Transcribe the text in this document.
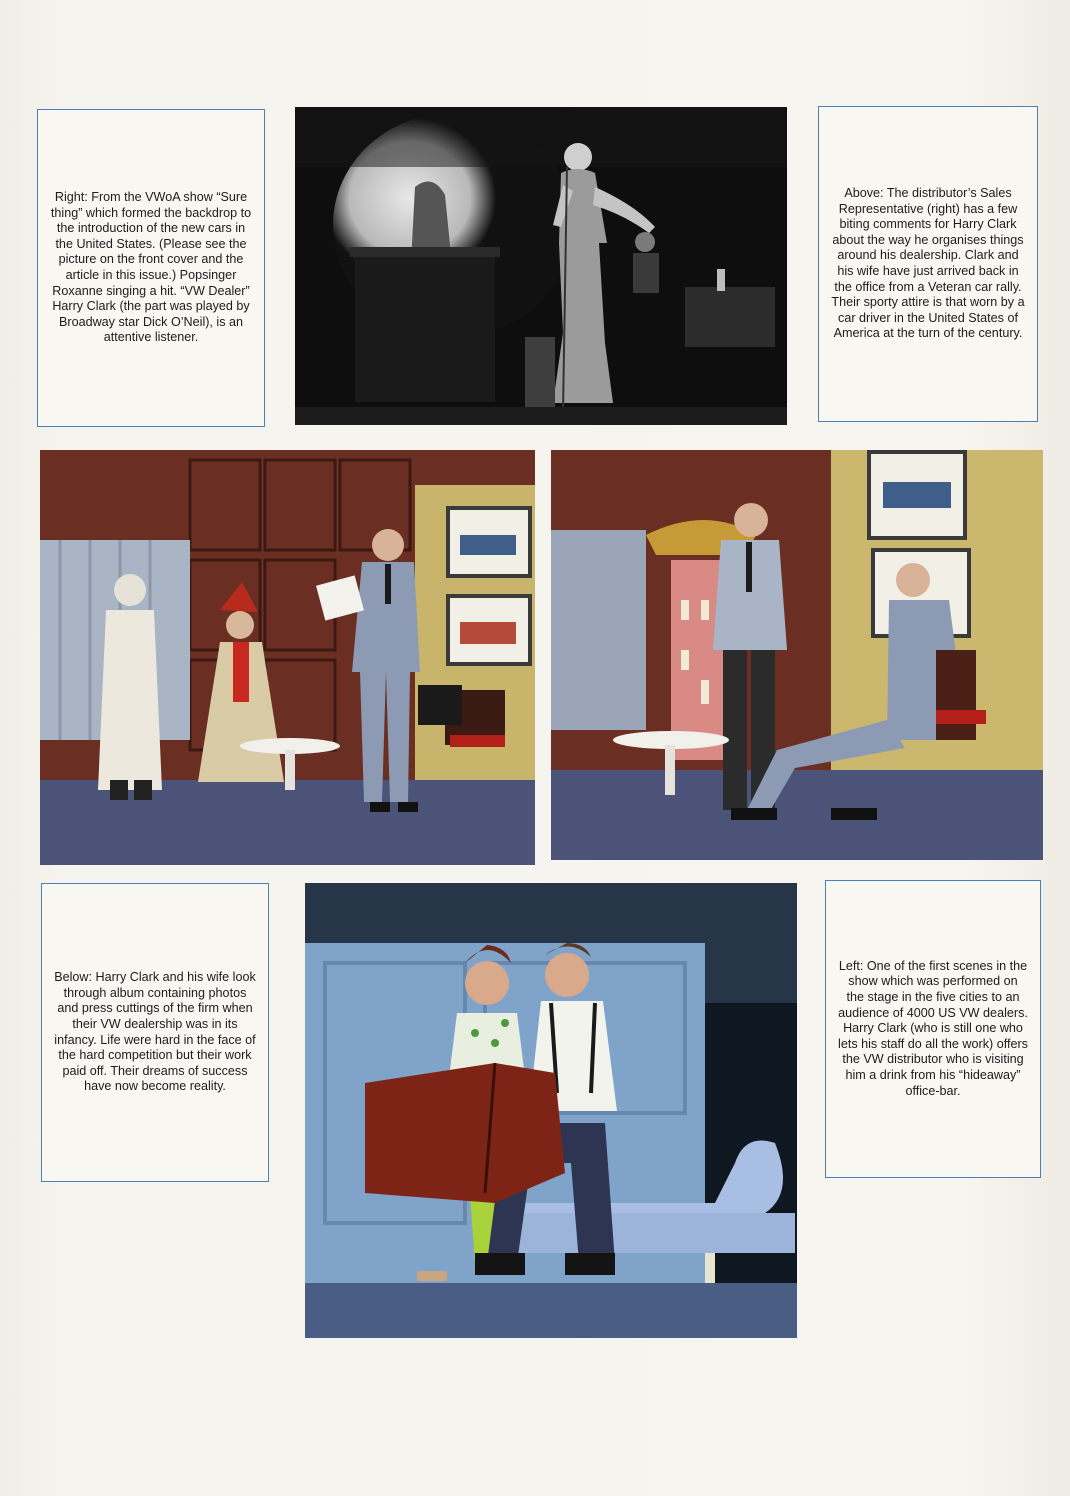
Right: From the VWoA show “Sure thing” which formed the backdrop to the introduction of the new cars in the United States. (Please see the picture on the front cover and the article in this issue.) Popsinger Roxanne singing a hit. “VW Dealer” Harry Clark (the part was played by Broadway star Dick O’Neil), is an attentive listener.

Above: The distributor’s Sales Representative (right) has a few biting comments for Harry Clark about the way he organises things around his dealership. Clark and his wife have just arrived back in the office from a Veteran car rally. Their sporty attire is that worn by a car driver in the United States of America at the turn of the century.

Below: Harry Clark and his wife look through album containing photos and press cuttings of the firm when their VW dealership was in its infancy. Life were hard in the face of the hard competition but their work paid off. Their dreams of success have now become reality.

Left: One of the first scenes in the show which was performed on the stage in the five cities to an audience of 4000 US VW dealers. Harry Clark (who is still one who lets his staff do all the work) offers the VW distributor who is visiting him a drink from his “hideaway” office-bar.
